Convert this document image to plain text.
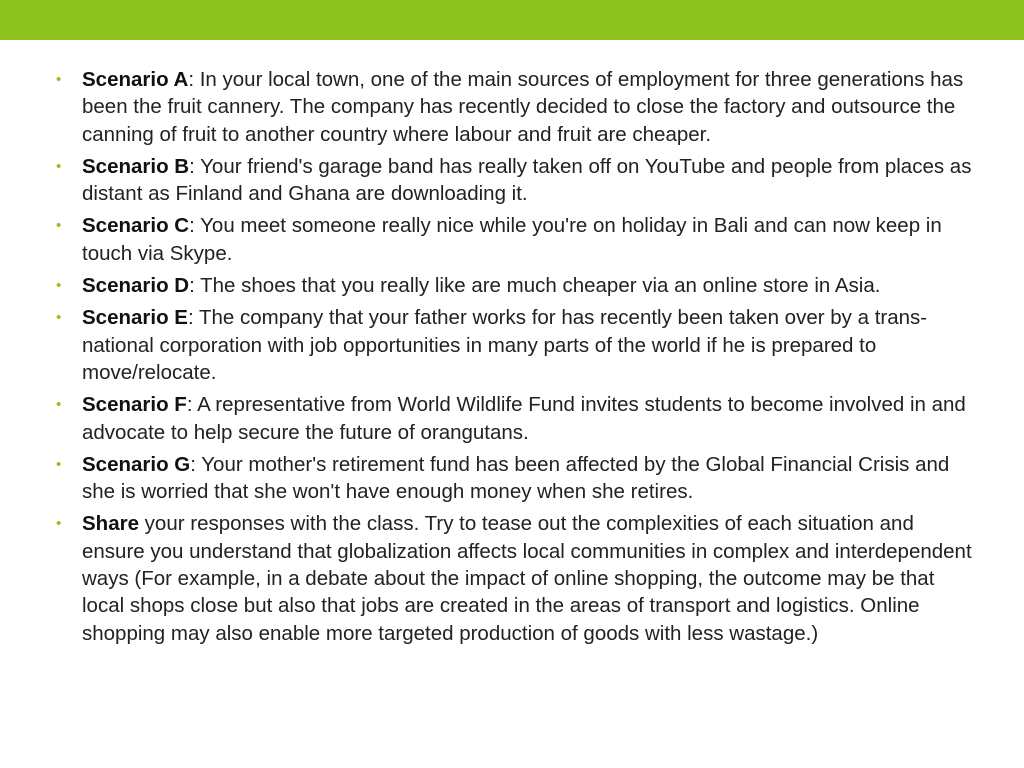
•	Scenario A: In your local town, one of the main sources of employment for three generations has been the fruit cannery. The company has recently decided to close the factory and outsource the canning of fruit to another country where labour and fruit are cheaper.
•	Scenario B: Your friend's garage band has really taken off on YouTube and people from places as distant as Finland and Ghana are downloading it.
•	Scenario C: You meet someone really nice while you're on holiday in Bali and can now keep in touch via Skype.
•	Scenario D: The shoes that you really like are much cheaper via an online store in Asia.
•	Scenario E: The company that your father works for has recently been taken over by a trans-national corporation with job opportunities in many parts of the world if he is prepared to move/relocate.
•	Scenario F: A representative from World Wildlife Fund invites students to become involved in and advocate to help secure the future of orangutans.
•	Scenario G: Your mother's retirement fund has been affected by the Global Financial Crisis and she is worried that she won't have enough money when she retires.
•	Share your responses with the class. Try to tease out the complexities of each situation and ensure you understand that globalization affects local communities in complex and interdependent ways (For example, in a debate about the impact of online shopping, the outcome may be that local shops close but also that jobs are created in the areas of transport and logistics. Online shopping may also enable more targeted production of goods with less wastage.)
